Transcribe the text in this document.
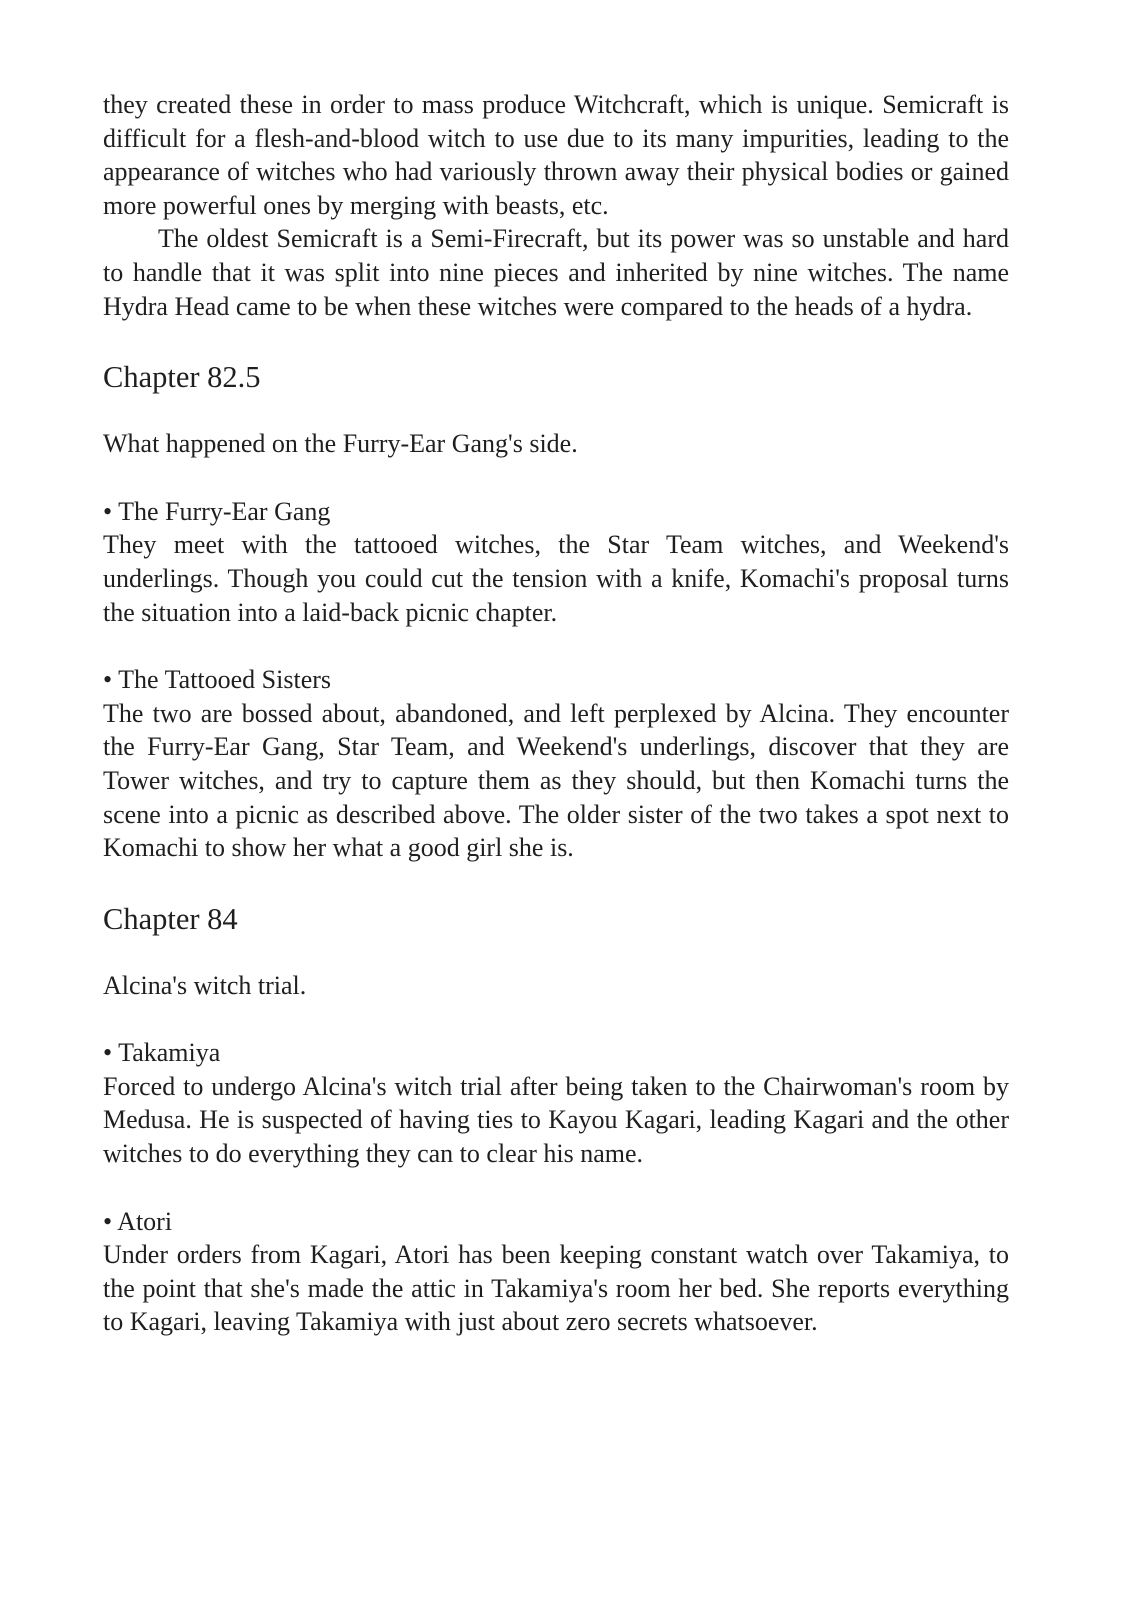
they created these in order to mass produce Witchcraft, which is unique. Semicraft is difficult for a flesh-and-blood witch to use due to its many impurities, leading to the appearance of witches who had variously thrown away their physical bodies or gained more powerful ones by merging with beasts, etc.

The oldest Semicraft is a Semi-Firecraft, but its power was so unstable and hard to handle that it was split into nine pieces and inherited by nine witches. The name Hydra Head came to be when these witches were compared to the heads of a hydra.

Chapter 82.5

What happened on the Furry-Ear Gang's side.

• The Furry-Ear Gang

They meet with the tattooed witches, the Star Team witches, and Weekend's underlings. Though you could cut the tension with a knife, Komachi's proposal turns the situation into a laid-back picnic chapter.

• The Tattooed Sisters

The two are bossed about, abandoned, and left perplexed by Alcina. They encounter the Furry-Ear Gang, Star Team, and Weekend's underlings, discover that they are Tower witches, and try to capture them as they should, but then Komachi turns the scene into a picnic as described above. The older sister of the two takes a spot next to Komachi to show her what a good girl she is.

Chapter 84

Alcina's witch trial.

• Takamiya

Forced to undergo Alcina's witch trial after being taken to the Chairwoman's room by Medusa. He is suspected of having ties to Kayou Kagari, leading Kagari and the other witches to do everything they can to clear his name.

• Atori

Under orders from Kagari, Atori has been keeping constant watch over Takamiya, to the point that she's made the attic in Takamiya's room her bed. She reports everything to Kagari, leaving Takamiya with just about zero secrets whatsoever.
